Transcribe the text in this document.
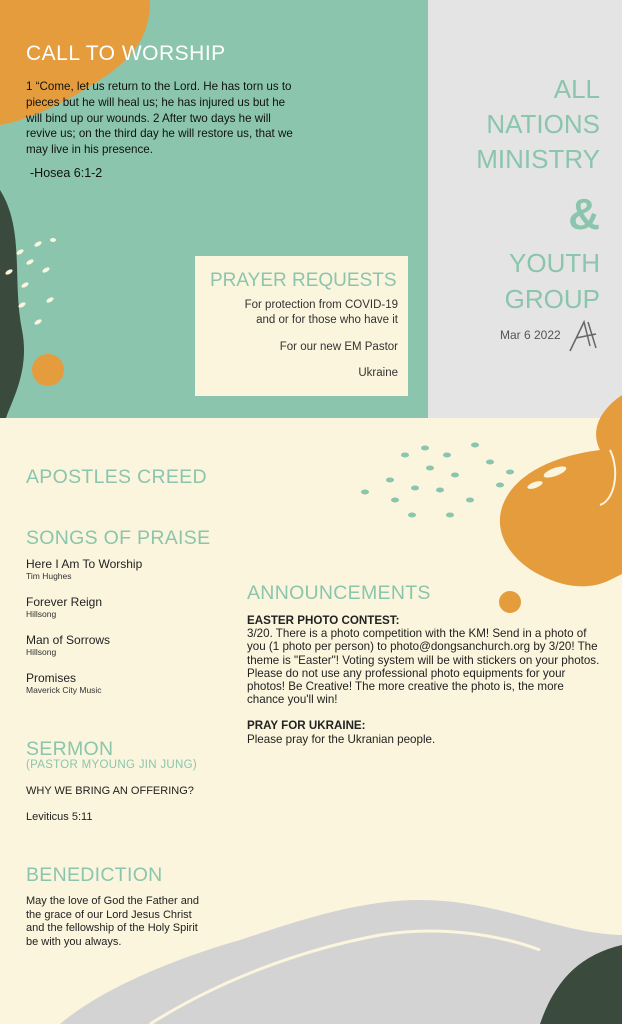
CALL TO WORSHIP
1 “Come, let us return to the Lord. He has torn us to pieces but he will heal us; he has injured us but he will bind up our wounds. 2 After two days he will revive us; on the third day he will restore us, that we may live in his presence.
-Hosea 6:1-2
ALL
NATIONS
MINISTRY
&
YOUTH
GROUP
Mar 6 2022
PRAYER REQUESTS
For protection from COVID-19
and or for those who have it
For our new EM Pastor
Ukraine
APOSTLES CREED
SONGS OF PRAISE
Here I Am To Worship
Tim Hughes
Forever Reign
Hillsong
Man of Sorrows
Hillsong
Promises
Maverick City Music
SERMON
(PASTOR MYOUNG JIN JUNG)
WHY WE BRING AN OFFERING?
Leviticus 5:11
BENEDICTION
May the love of God the Father and the grace of our Lord Jesus Christ and the fellowship of the Holy Spirit be with you always.
ANNOUNCEMENTS
EASTER PHOTO CONTEST:
3/20. There is a photo competition with the KM! Send in a photo of you (1 photo per person) to photo@dongsanchurch.org by 3/20! The theme is "Easter"! Voting system will be with stickers on your photos. Please do not use any professional photo equipments for your photos! Be Creative! The more creative the photo is, the more chance you'll win!
PRAY FOR UKRAINE:
Please pray for the Ukranian people.
